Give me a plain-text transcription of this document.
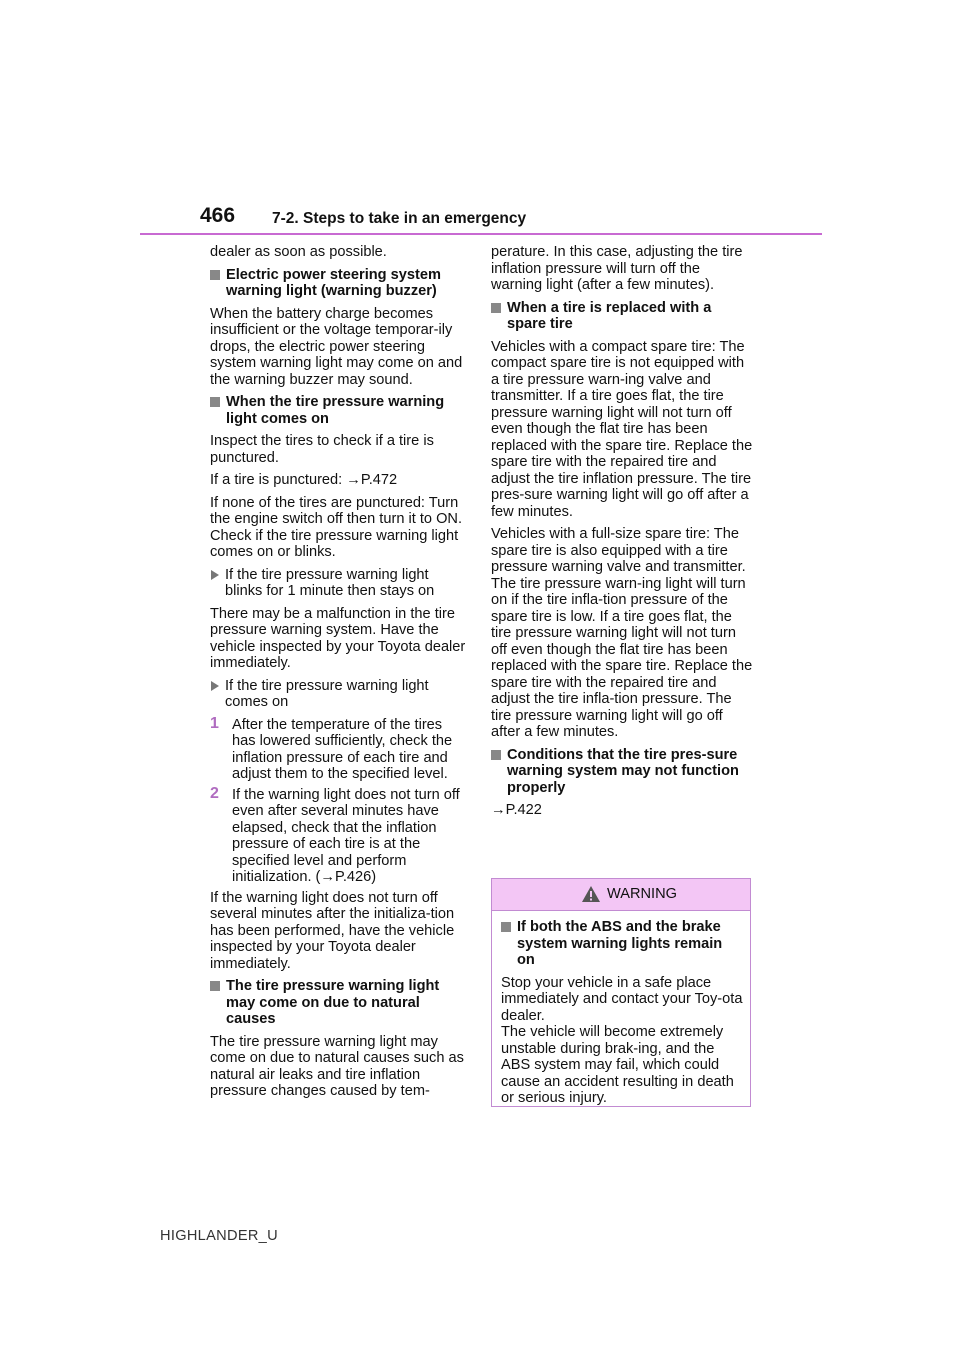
466 7-2. Steps to take in an emergency

dealer as soon as possible.

Electric power steering system warning light (warning buzzer)

When the battery charge becomes insufficient or the voltage temporar-ily drops, the electric power steering system warning light may come on and the warning buzzer may sound.

When the tire pressure warning light comes on

Inspect the tires to check if a tire is punctured.

If a tire is punctured: →P.472

If none of the tires are punctured: Turn the engine switch off then turn it to ON. Check if the tire pressure warning light comes on or blinks.

If the tire pressure warning light blinks for 1 minute then stays on

There may be a malfunction in the tire pressure warning system. Have the vehicle inspected by your Toyota dealer immediately.

If the tire pressure warning light comes on
1 After the temperature of the tires has lowered sufficiently, check the inflation pressure of each tire and adjust them to the specified level.
2 If the warning light does not turn off even after several minutes have elapsed, check that the inflation pressure of each tire is at the specified level and perform initialization. (→P.426)

If the warning light does not turn off several minutes after the initializa-tion has been performed, have the vehicle inspected by your Toyota dealer immediately.

The tire pressure warning light may come on due to natural causes

The tire pressure warning light may come on due to natural causes such as natural air leaks and tire inflation pressure changes caused by tem-

perature. In this case, adjusting the tire inflation pressure will turn off the warning light (after a few minutes).

When a tire is replaced with a spare tire

Vehicles with a compact spare tire: The compact spare tire is not equipped with a tire pressure warn-ing valve and transmitter. If a tire goes flat, the tire pressure warning light will not turn off even though the flat tire has been replaced with the spare tire. Replace the spare tire with the repaired tire and adjust the tire inflation pressure. The tire pres-sure warning light will go off after a few minutes.

Vehicles with a full-size spare tire: The spare tire is also equipped with a tire pressure warning valve and transmitter. The tire pressure warn-ing light will turn on if the tire infla-tion pressure of the spare tire is low. If a tire goes flat, the tire pressure warning light will not turn off even though the flat tire has been replaced with the spare tire. Replace the spare tire with the repaired tire and adjust the tire infla-tion pressure. The tire pressure warning light will go off after a few minutes.

Conditions that the tire pres-sure warning system may not function properly

→P.422

WARNING
If both the ABS and the brake system warning lights remain on

Stop your vehicle in a safe place immediately and contact your Toy-ota dealer.

The vehicle will become extremely unstable during brak-ing, and the ABS system may fail, which could cause an accident resulting in death or serious injury.

HIGHLANDER_U
